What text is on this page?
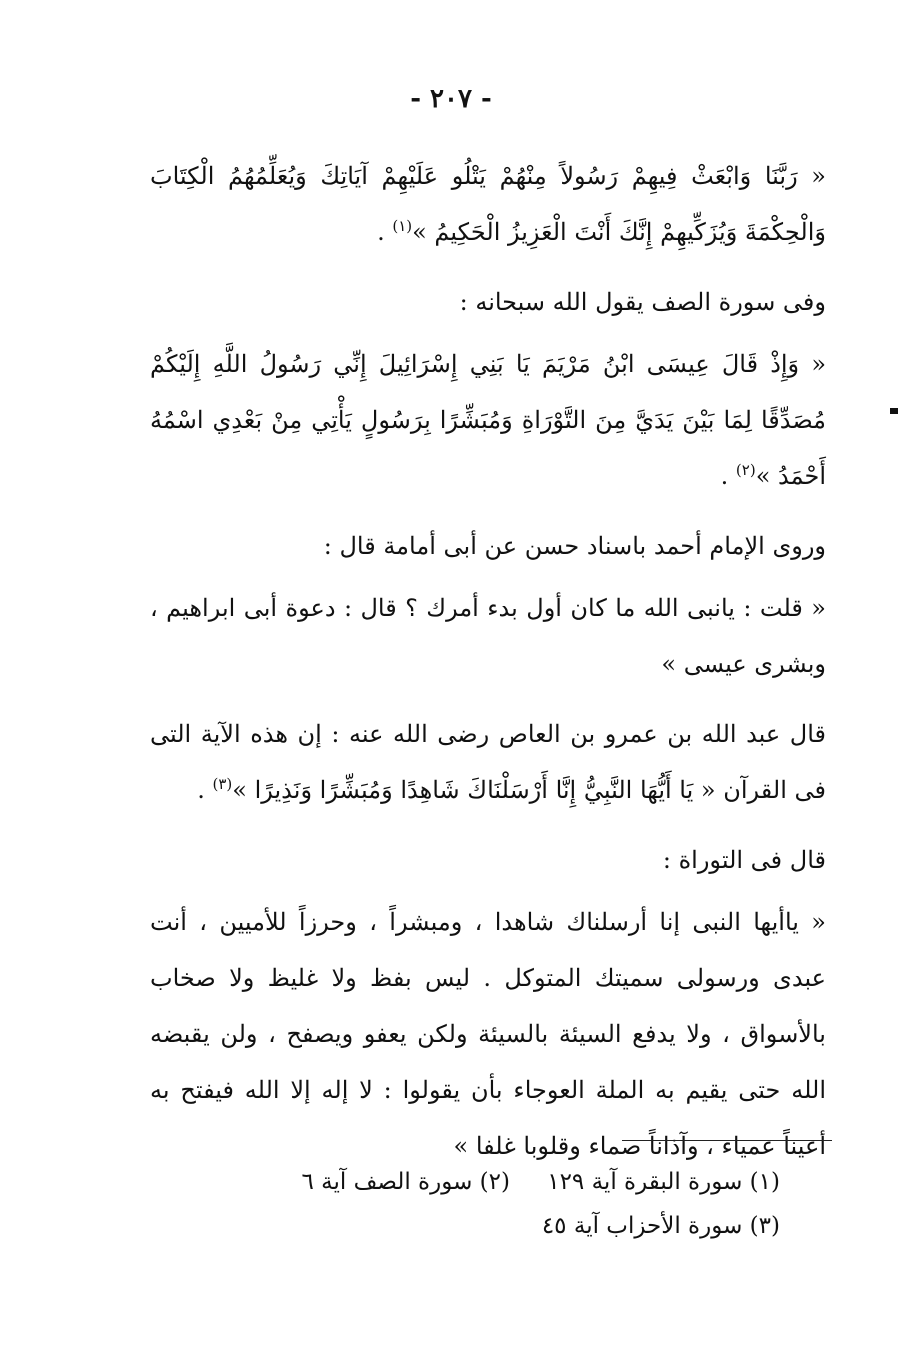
- ٢٠٧ -

« رَبَّنَا وَابْعَثْ فِيهِمْ رَسُولاً مِنْهُمْ يَتْلُو عَلَيْهِمْ آيَاتِكَ وَيُعَلِّمُهُمُ الْكِتَابَ وَالْحِكْمَةَ وَيُزَكِّيهِمْ إِنَّكَ أَنْتَ الْعَزِيزُ الْحَكِيمُ »$^{(١)}$ .

وفى سورة الصف يقول الله سبحانه :

« وَإِذْ قَالَ عِيسَى ابْنُ مَرْيَمَ يَا بَنِي إِسْرَائِيلَ إِنِّي رَسُولُ اللَّهِ إِلَيْكُمْ مُصَدِّقًا لِمَا بَيْنَ يَدَيَّ مِنَ التَّوْرَاةِ وَمُبَشِّرًا بِرَسُولٍ يَأْتِي مِنْ بَعْدِي اسْمُهُ أَحْمَدُ »$^{(٢)}$ .

وروى الإمام أحمد باسناد حسن عن أبى أمامة قال :

« قلت : يانبى الله ما كان أول بدء أمرك ؟ قال : دعوة أبى ابراهيم ، وبشرى عيسى »

قال عبد الله بن عمرو بن العاص رضى الله عنه : إن هذه الآية التى فى القرآن « يَا أَيُّهَا النَّبِيُّ إِنَّا أَرْسَلْنَاكَ شَاهِدًا وَمُبَشِّرًا وَنَذِيرًا »$^{(٣)}$ .

قال فى التوراة :

« ياأيها النبى إنا أرسلناك شاهدا ، ومبشراً ، وحرزاً للأميين ، أنت عبدى ورسولى سميتك المتوكل . ليس بفظ ولا غليظ ولا صخاب بالأسواق ، ولا يدفع السيئة بالسيئة ولكن يعفو ويصفح ، ولن يقبضه الله حتى يقيم به الملة العوجاء بأن يقولوا : لا إله إلا الله فيفتح به أعيناً عمياء ، وآذاناً صماء وقلوبا غلفا »

(١) سورة البقرة آية ١٢٩
(٢) سورة الصف آية ٦
(٣) سورة الأحزاب آية ٤٥
